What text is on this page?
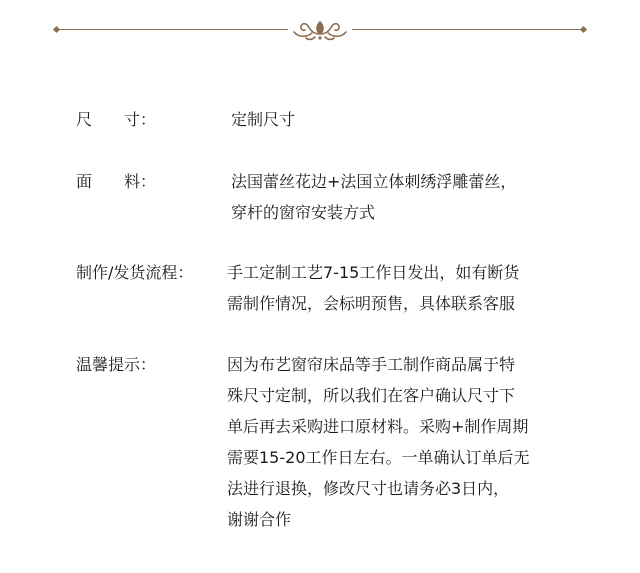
尺　　寸：	定制尺寸
面　　料：	法国蕾丝花边+法国立体刺绣浮雕蕾丝，
穿杆的窗帘安装方式
制作/发货流程： 手工定制工艺7-15工作日发出，如有断货
需制作情况，会标明预售，具体联系客服
温馨提示：	因为布艺窗帘床品等手工制作商品属于特
殊尺寸定制，所以我们在客户确认尺寸下
单后再去采购进口原材料。采购+制作周期
需要15-20工作日左右。一单确认订单后无
法进行退换，修改尺寸也请务必3日内，
谢谢合作
